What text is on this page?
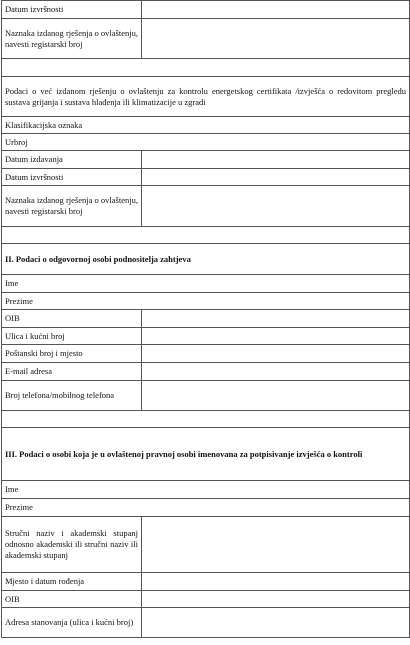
Datum izvršnosti	
Naznaka izdanog rješenja o ovlaštenju, navesti registarski broj	

Podaci o već izdanom rješenju o ovlaštenju za kontrolu energetskog certifikata /izvješća o redovitom pregledu sustava grijanja i sustava hlađenja ili klimatizacije u zgradi	
Klasifikacijska oznaka	
Urbroj	
Datum izdavanja	
Datum izvršnosti	
Naznaka izdanog rješenja o ovlaštenju, navesti registarski broj	

II. Podaci o odgovornoj osobi podnositelja zahtjeva	
Ime	
Prezime	
OIB	
Ulica i kućni broj	
Poštanski broj i mjesto	
E-mail adresa	
Broj telefona/mobilnog telefona	

III. Podaci o osobi koja je u ovlaštenoj pravnoj osobi imenovana za potpisivanje izvješća o kontroli	
Ime	
Prezime	
Stručni naziv i akademski stupanj odnosno akademski ili stručni naziv ili akademski stupanj	
Mjesto i datum rođenja	
OIB	
Adresa stanovanja (ulica i kućni broj)	
